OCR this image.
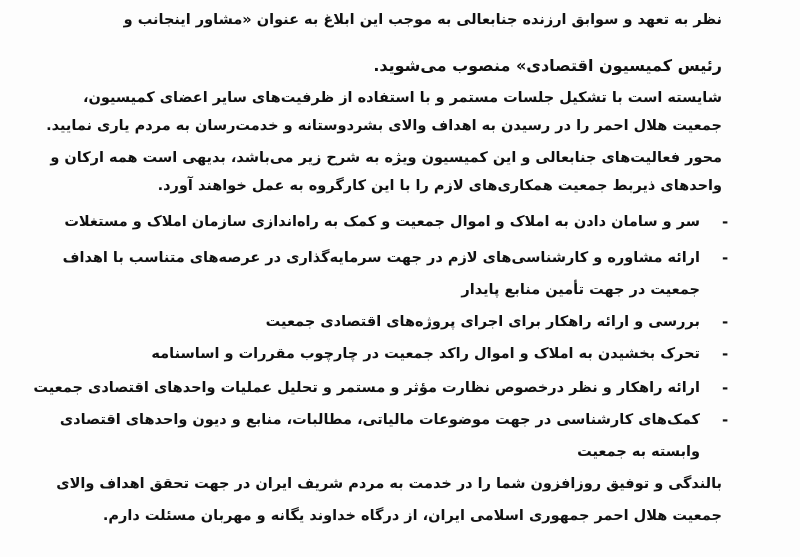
نظر به تعهد و سوابق ارزنده جنابعالی به موجب این ابلاغ به عنوان «مشاور اینجانب و
رئیس کمیسیون اقتصادی» منصوب می‌شوید.
شایسته است با تشکیل جلسات مستمر و با استفاده از ظرفیت‌های سایر اعضای کمیسیون،
جمعیت هلال احمر را در رسیدن به اهداف والای بشردوستانه و خدمت‌رسان به مردم یاری نمایید.
محور فعالیت‌های جنابعالی و این کمیسیون ویژه به شرح زیر می‌باشد، بدیهی است همه ارکان و
واحدهای ذیربط جمعیت همکاری‌های لازم را با این کارگروه به عمل خواهند آورد.
-
سر و سامان دادن به املاک و اموال جمعیت و کمک به راه‌اندازی سازمان املاک و مستغلات
-
ارائه مشاوره و کارشناسی‌های لازم در جهت سرمایه‌گذاری در عرصه‌های متناسب با اهداف
جمعیت در جهت تأمین منابع پایدار
-
بررسی و ارائه راهکار برای اجرای پروژه‌های اقتصادی جمعیت
-
تحرک بخشیدن به املاک و اموال راکد جمعیت در چارچوب مقررات و اساسنامه
-
ارائه راهکار و نظر درخصوص نظارت مؤثر و مستمر و تحلیل عملیات واحدهای اقتصادی جمعیت
-
کمک‌های کارشناسی در جهت موضوعات مالیاتی، مطالبات، منابع و دیون واحدهای اقتصادی
وابسته به جمعیت
بالندگی و توفیق روزافزون شما را در خدمت به مردم شریف ایران در جهت تحقق اهداف والای
جمعیت هلال احمر جمهوری اسلامی ایران، از درگاه خداوند یگانه و مهربان مسئلت دارم.
